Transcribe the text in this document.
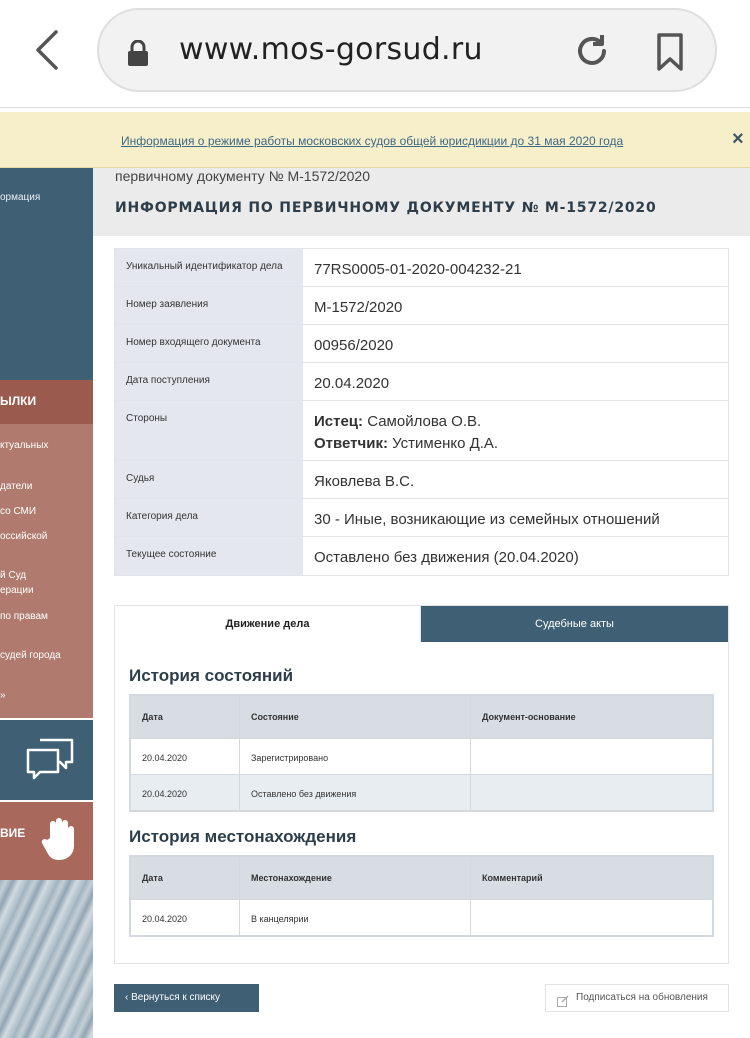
www.mos-gorsud.ru
ормация
ЫЛКИ
ктуальных
датели
со СМИ
оссийской
й Суд
ерации
по правам
судей города
»
ВИЕ
Информация о режиме работы московских судов общей юрисдикции до 31 мая 2020 года	×
первичному документу № М-1572/2020
ИНФОРМАЦИЯ ПО ПЕРВИЧНОМУ ДОКУМЕНТУ № М-1572/2020
Уникальный идентификатор дела	77RS0005-01-2020-004232-21
Номер заявления	М-1572/2020
Номер входящего документа	00956/2020
Дата поступления	20.04.2020
Стороны	Истец: Самойлова О.В.
Ответчик: Устименко Д.А.
Судья	Яковлева В.С.
Категория дела	30 - Иные, возникающие из семейных отношений
Текущее состояние	Оставлено без движения (20.04.2020)
Движение дела	Судебные акты
История состояний
Дата	Состояние	Документ-основание
20.04.2020	Зарегистрировано
20.04.2020	Оставлено без движения
История местонахождения
Дата	Местонахождение	Комментарий
20.04.2020	В канцелярии
‹ Вернуться к списку	Подписаться на обновления
